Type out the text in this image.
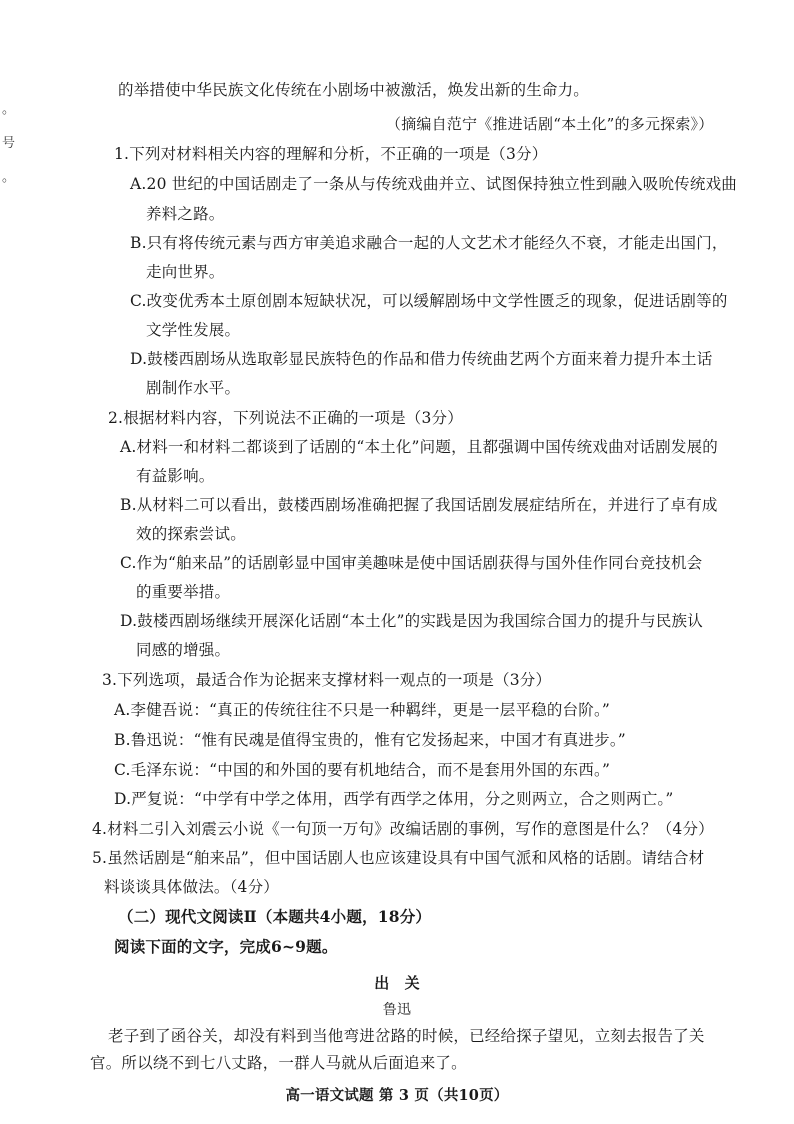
。
号
。
的举措使中华民族文化传统在小剧场中被激活，焕发出新的生命力。
（摘编自范宁《推进话剧“本土化”的多元探索》）
1.下列对材料相关内容的理解和分析，不正确的一项是（3分）
A.20 世纪的中国话剧走了一条从与传统戏曲并立、试图保持独立性到融入吸吮传统戏曲
养料之路。
B.只有将传统元素与西方审美追求融合一起的人文艺术才能经久不衰，才能走出国门，
走向世界。
C.改变优秀本土原创剧本短缺状况，可以缓解剧场中文学性匮乏的现象，促进话剧等的
文学性发展。
D.鼓楼西剧场从选取彰显民族特色的作品和借力传统曲艺两个方面来着力提升本土话
剧制作水平。
2.根据材料内容，下列说法不正确的一项是（3分）
A.材料一和材料二都谈到了话剧的“本土化”问题，且都强调中国传统戏曲对话剧发展的
有益影响。
B.从材料二可以看出，鼓楼西剧场准确把握了我国话剧发展症结所在，并进行了卓有成
效的探索尝试。
C.作为“舶来品”的话剧彰显中国审美趣味是使中国话剧获得与国外佳作同台竞技机会
的重要举措。
D.鼓楼西剧场继续开展深化话剧“本土化”的实践是因为我国综合国力的提升与民族认
同感的增强。
3.下列选项，最适合作为论据来支撑材料一观点的一项是（3分）
A.李健吾说：“真正的传统往往不只是一种羁绊，更是一层平稳的台阶。”
B.鲁迅说：“惟有民魂是值得宝贵的，惟有它发扬起来，中国才有真进步。”
C.毛泽东说：“中国的和外国的要有机地结合，而不是套用外国的东西。”
D.严复说：“中学有中学之体用，西学有西学之体用，分之则两立，合之则两亡。”
4.材料二引入刘震云小说《一句顶一万句》改编话剧的事例，写作的意图是什么？（4分）
5.虽然话剧是“舶来品”，但中国话剧人也应该建设具有中国气派和风格的话剧。请结合材
料谈谈具体做法。（4分）
（二）现代文阅读Ⅱ（本题共4小题，18分）
阅读下面的文字，完成6~9题。
出　关
鲁迅
老子到了函谷关，却没有料到当他弯进岔路的时候，已经给探子望见，立刻去报告了关
官。所以绕不到七八丈路，一群人马就从后面追来了。
高一语文试题 第 3 页（共10页）
